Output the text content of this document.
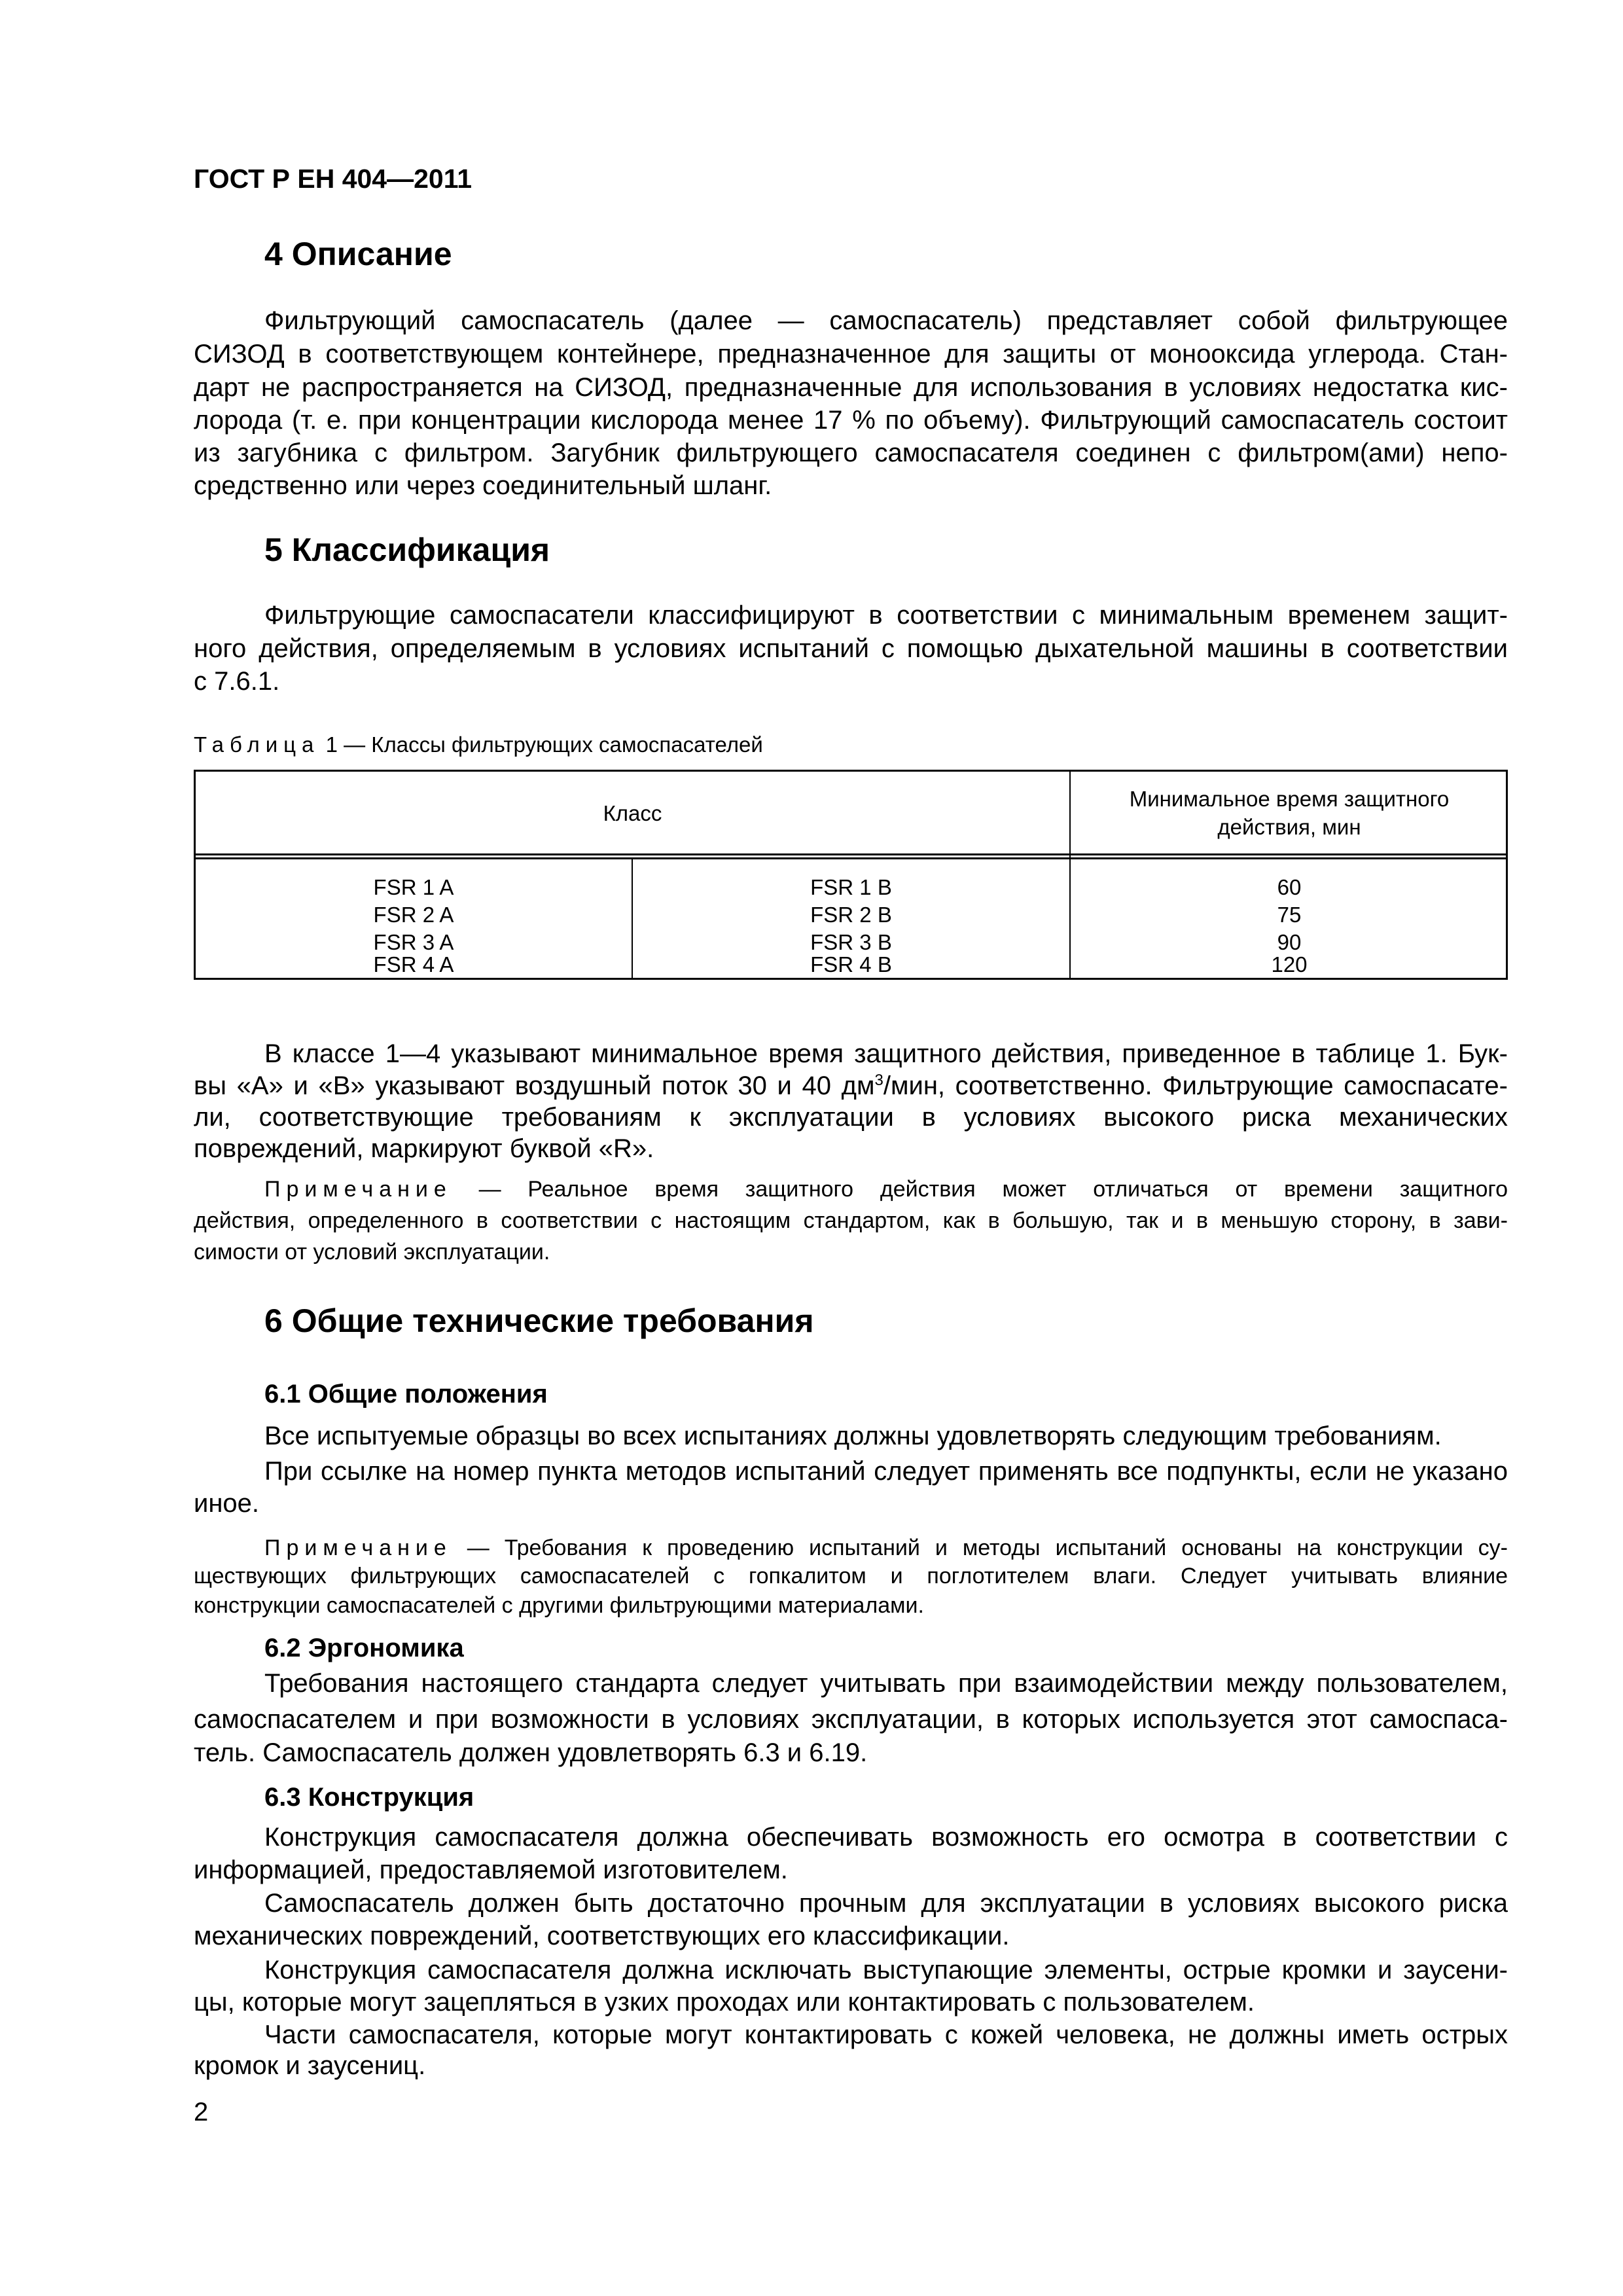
ГОСТ Р ЕН 404—2011
4 Описание
Фильтрующий самоспасатель (далее — самоспасатель) представляет собой фильтрующее
СИЗОД в соответствующем контейнере, предназначенное для защиты от монооксида углерода. Стан-
дарт не распространяется на СИЗОД, предназначенные для использования в условиях недостатка кис-
лорода (т. е. при концентрации кислорода менее 17 % по объему). Фильтрующий самоспасатель состоит
из загубника с фильтром. Загубник фильтрующего самоспасателя соединен с фильтром(ами) непо-
средственно или через соединительный шланг.
5 Классификация
Фильтрующие самоспасатели классифицируют в соответствии с минимальным временем защит-
ного действия, определяемым в условиях испытаний с помощью дыхательной машины в соответствии
с 7.6.1.
Таблица 1 — Классы фильтрующих самоспасателей
Класс
Минимальное время защитного
действия, мин
FSR 1 A	FSR 1 B	60
FSR 2 A	FSR 2 B	75
FSR 3 A	FSR 3 B	90
FSR 4 A	FSR 4 B	120
В классе 1—4 указывают минимальное время защитного действия, приведенное в таблице 1. Бук-
вы «А» и «В» указывают воздушный поток 30 и 40 $дм^3$/мин, соответственно. Фильтрующие самоспасате-
ли, соответствующие требованиям к эксплуатации в условиях высокого риска механических
повреждений, маркируют буквой «R».
Примечание — Реальное время защитного действия может отличаться от времени защитного
действия, определенного в соответствии с настоящим стандартом, как в большую, так и в меньшую сторону, в зави-
симости от условий эксплуатации.
6 Общие технические требования
6.1 Общие положения
Все испытуемые образцы во всех испытаниях должны удовлетворять следующим требованиям.
При ссылке на номер пункта методов испытаний следует применять все подпункты, если не указано
иное.
Примечание — Требования к проведению испытаний и методы испытаний основаны на конструкции су-
ществующих фильтрующих самоспасателей с гопкалитом и поглотителем влаги. Следует учитывать влияние
конструкции самоспасателей с другими фильтрующими материалами.
6.2 Эргономика
Требования настоящего стандарта следует учитывать при взаимодействии между пользователем,
самоспасателем и при возможности в условиях эксплуатации, в которых используется этот самоспаса-
тель. Самоспасатель должен удовлетворять 6.3 и 6.19.
6.3 Конструкция
Конструкция самоспасателя должна обеспечивать возможность его осмотра в соответствии с
информацией, предоставляемой изготовителем.
Самоспасатель должен быть достаточно прочным для эксплуатации в условиях высокого риска
механических повреждений, соответствующих его классификации.
Конструкция самоспасателя должна исключать выступающие элементы, острые кромки и заусени-
цы, которые могут зацепляться в узких проходах или контактировать с пользователем.
Части самоспасателя, которые могут контактировать с кожей человека, не должны иметь острых
кромок и заусениц.
2
